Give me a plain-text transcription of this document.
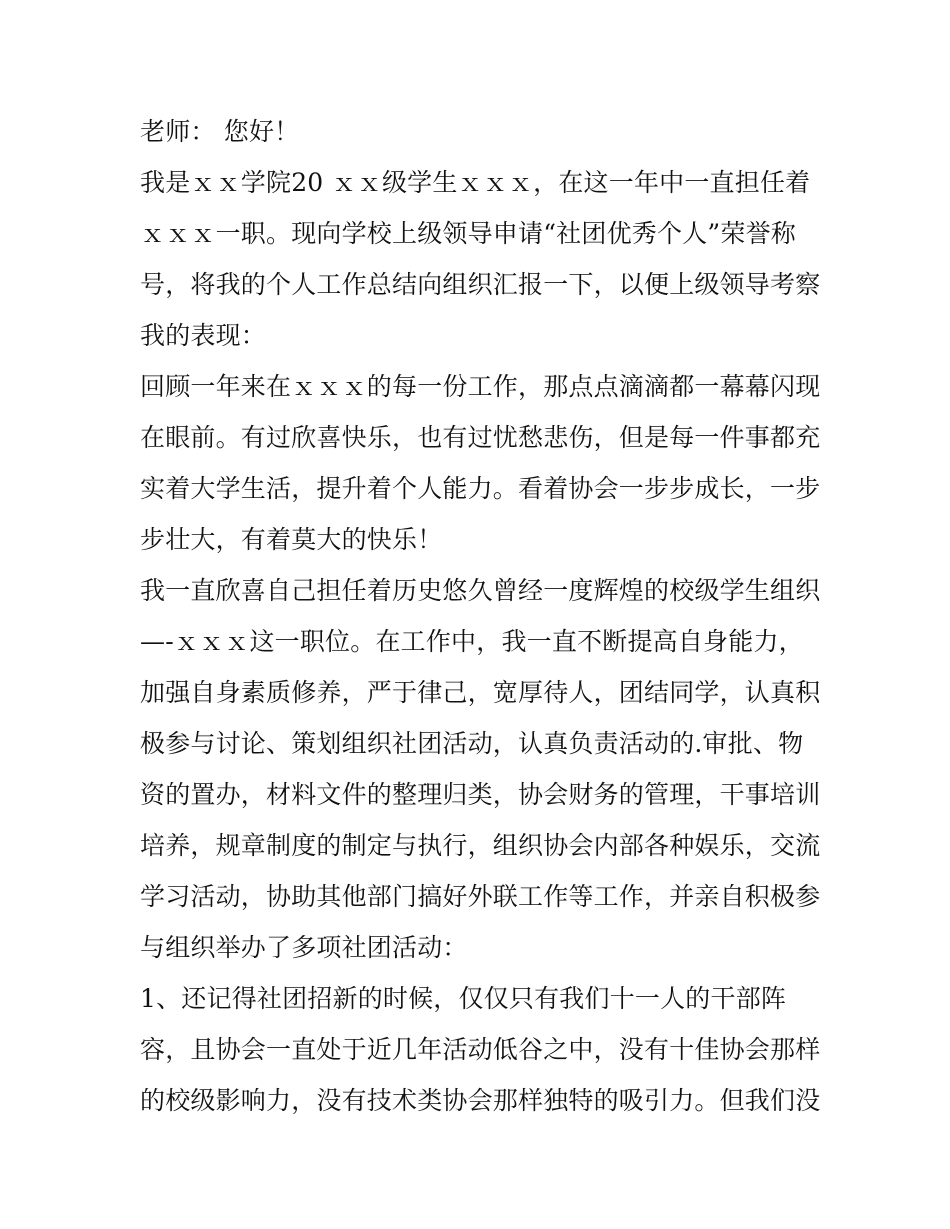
老师： 您好！
我是ｘｘ学院20 ｘｘ级学生ｘｘｘ，在这一年中一直担任着
ｘｘｘ一职。现向学校上级领导申请“社团优秀个人”荣誉称
号，将我的个人工作总结向组织汇报一下，以便上级领导考察
我的表现：
回顾一年来在ｘｘｘ的每一份工作，那点点滴滴都一幕幕闪现
在眼前。有过欣喜快乐，也有过忧愁悲伤，但是每一件事都充
实着大学生活，提升着个人能力。看着协会一步步成长，一步
步壮大，有着莫大的快乐！
我一直欣喜自己担任着历史悠久曾经一度辉煌的校级学生组织
—-ｘｘｘ这一职位。在工作中，我一直不断提高自身能力，
加强自身素质修养，严于律己，宽厚待人，团结同学，认真积
极参与讨论、策划组织社团活动，认真负责活动的.审批、物
资的置办，材料文件的整理归类，协会财务的管理，干事培训
培养，规章制度的制定与执行，组织协会内部各种娱乐，交流
学习活动，协助其他部门搞好外联工作等工作，并亲自积极参
与组织举办了多项社团活动：
1、还记得社团招新的时候，仅仅只有我们十一人的干部阵
容，且协会一直处于近几年活动低谷之中，没有十佳协会那样
的校级影响力，没有技术类协会那样独特的吸引力。但我们没
